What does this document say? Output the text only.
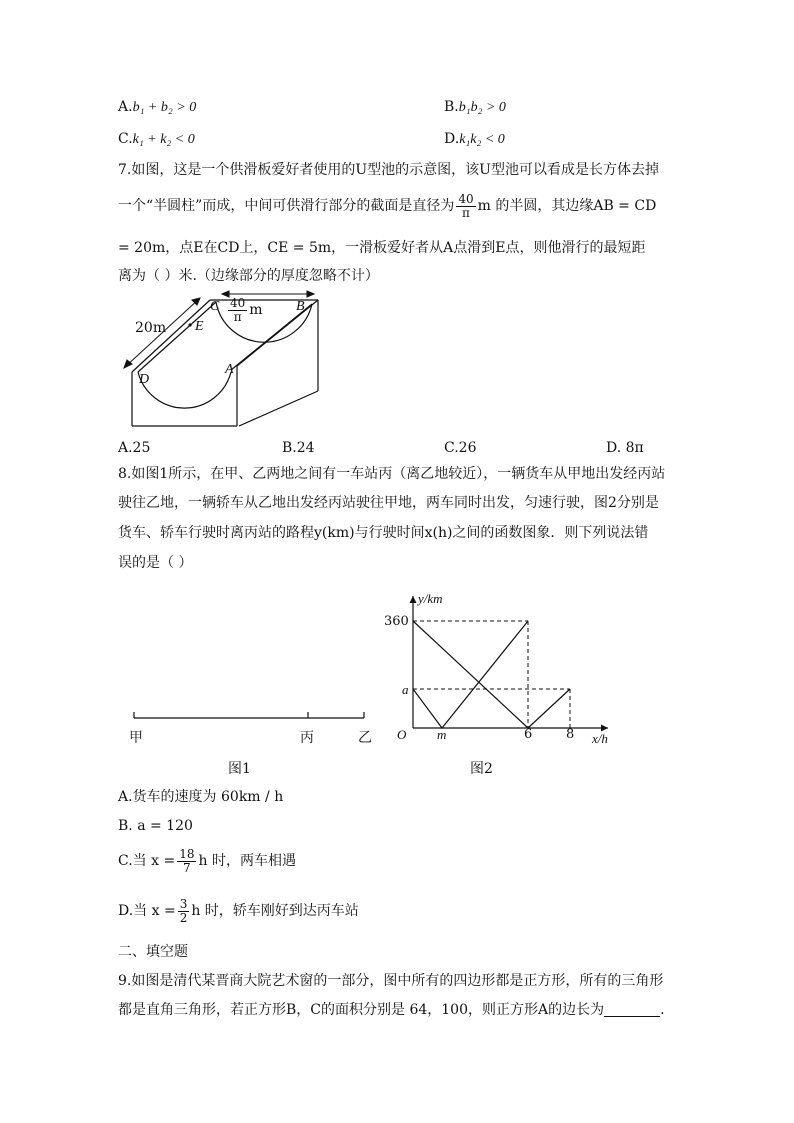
A.b₁ + b₂ > 0	B.b₁b₂ > 0
C.k₁ + k₂ < 0	D.k₁k₂ < 0
7.如图，这是一个供滑板爱好者使用的U型池的示意图，该U型池可以看成是长方体去掉
一个“半圆柱”而成，中间可供滑行部分的截面是直径为 $\frac{40}{\pi}$ m 的半圆，其边缘AB = CD
= 20m，点E在CD上，CE = 5m，一滑板爱好者从A点滑到E点，则他滑行的最短距
离为（ ）米.（边缘部分的厚度忽略不计）
20m
C	B
E
D
A
$\frac{40}{\pi}$ m
A.25	B.24	C.26	D. 8π
8.如图1所示，在甲、乙两地之间有一车站丙（离乙地较近），一辆货车从甲地出发经丙站
驶往乙地，一辆轿车从乙地出发经丙站驶往甲地，两车同时出发，匀速行驶，图2分别是
货车、轿车行驶时离丙站的路程y(km)与行驶时间x(h)之间的函数图象．则下列说法错
误的是（ ）
甲	丙	乙
图1
y/km
360
a
O m	6	8 x/h
图2
A.货车的速度为 60km / h
B. a = 120
C.当 $x = \frac{18}{7}$ h 时，两车相遇
D.当 $x = \frac{3}{2}$ h 时，轿车刚好到达丙车站
二、填空题
9.如图是清代某晋商大院艺术窗的一部分，图中所有的四边形都是正方形，所有的三角形
都是直角三角形，若正方形B，C的面积分别是 64，100，则正方形A的边长为	.
